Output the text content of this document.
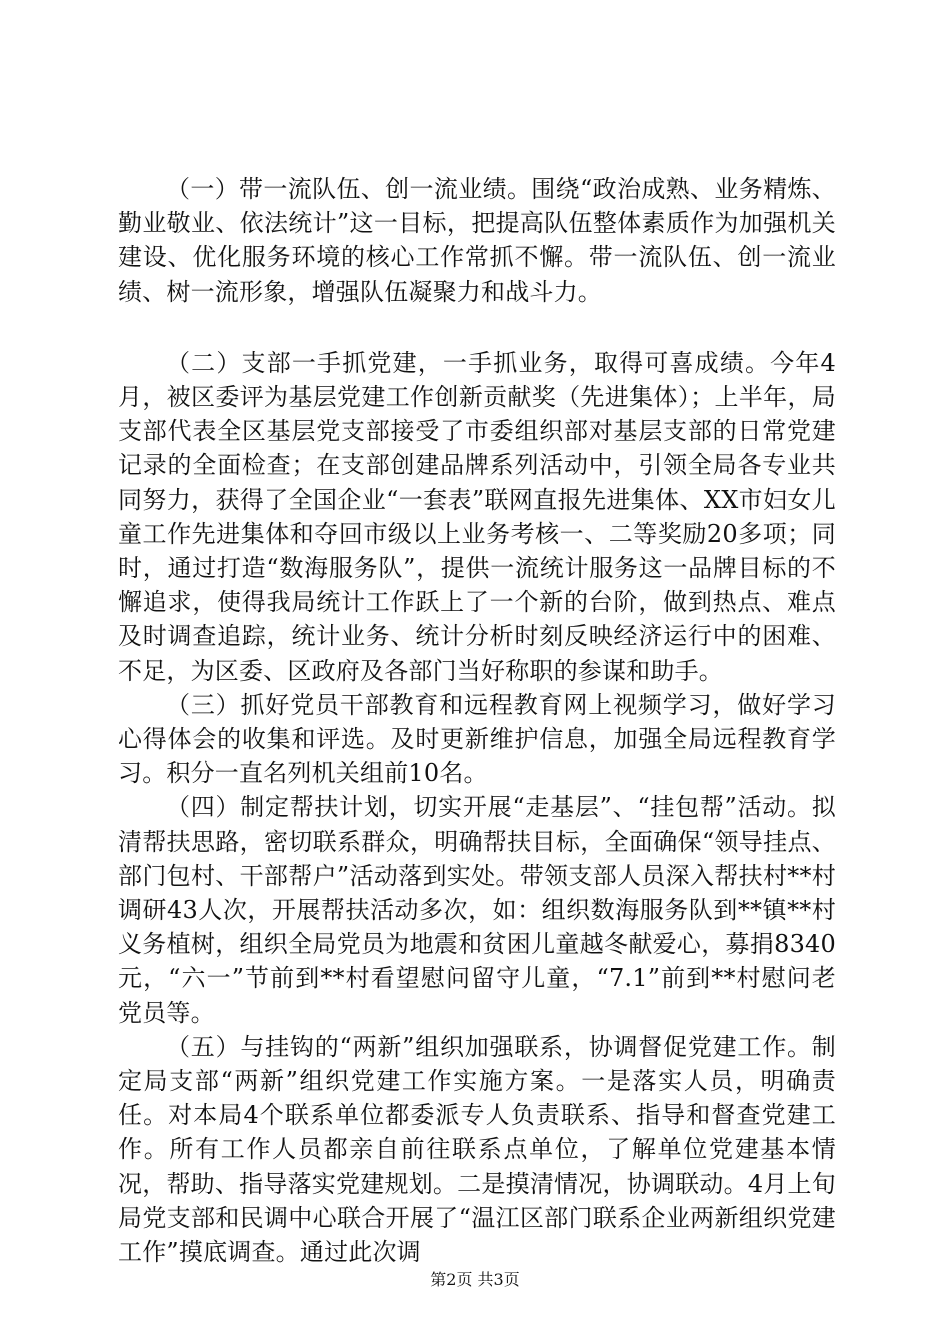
（一）带一流队伍、创一流业绩。围绕“政治成熟、业务精炼、勤业敬业、依法统计”这一目标，把提高队伍整体素质作为加强机关建设、优化服务环境的核心工作常抓不懈。带一流队伍、创一流业绩、树一流形象，增强队伍凝聚力和战斗力。

（二）支部一手抓党建，一手抓业务，取得可喜成绩。今年4月，被区委评为基层党建工作创新贡献奖（先进集体）；上半年，局支部代表全区基层党支部接受了市委组织部对基层支部的日常党建记录的全面检查；在支部创建品牌系列活动中，引领全局各专业共同努力，获得了全国企业“一套表”联网直报先进集体、XX市妇女儿童工作先进集体和夺回市级以上业务考核一、二等奖励20多项；同时，通过打造“数海服务队”，提供一流统计服务这一品牌目标的不懈追求，使得我局统计工作跃上了一个新的台阶，做到热点、难点及时调查追踪，统计业务、统计分析时刻反映经济运行中的困难、不足，为区委、区政府及各部门当好称职的参谋和助手。

（三）抓好党员干部教育和远程教育网上视频学习，做好学习心得体会的收集和评选。及时更新维护信息，加强全局远程教育学习。积分一直名列机关组前10名。

（四）制定帮扶计划，切实开展“走基层”、“挂包帮”活动。拟清帮扶思路，密切联系群众，明确帮扶目标，全面确保“领导挂点、部门包村、干部帮户”活动落到实处。带领支部人员深入帮扶村**村调研43人次，开展帮扶活动多次，如：组织数海服务队到**镇**村义务植树，组织全局党员为地震和贫困儿童越冬献爱心，募捐8340元，“六一”节前到**村看望慰问留守儿童，“7.1”前到**村慰问老党员等。

（五）与挂钩的“两新”组织加强联系，协调督促党建工作。制定局支部“两新”组织党建工作实施方案。一是落实人员，明确责任。对本局4个联系单位都委派专人负责联系、指导和督查党建工作。所有工作人员都亲自前往联系点单位，了解单位党建基本情况，帮助、指导落实党建规划。二是摸清情况，协调联动。4月上旬局党支部和民调中心联合开展了“温江区部门联系企业两新组织党建工作”摸底调查。通过此次调

第2页 共3页
